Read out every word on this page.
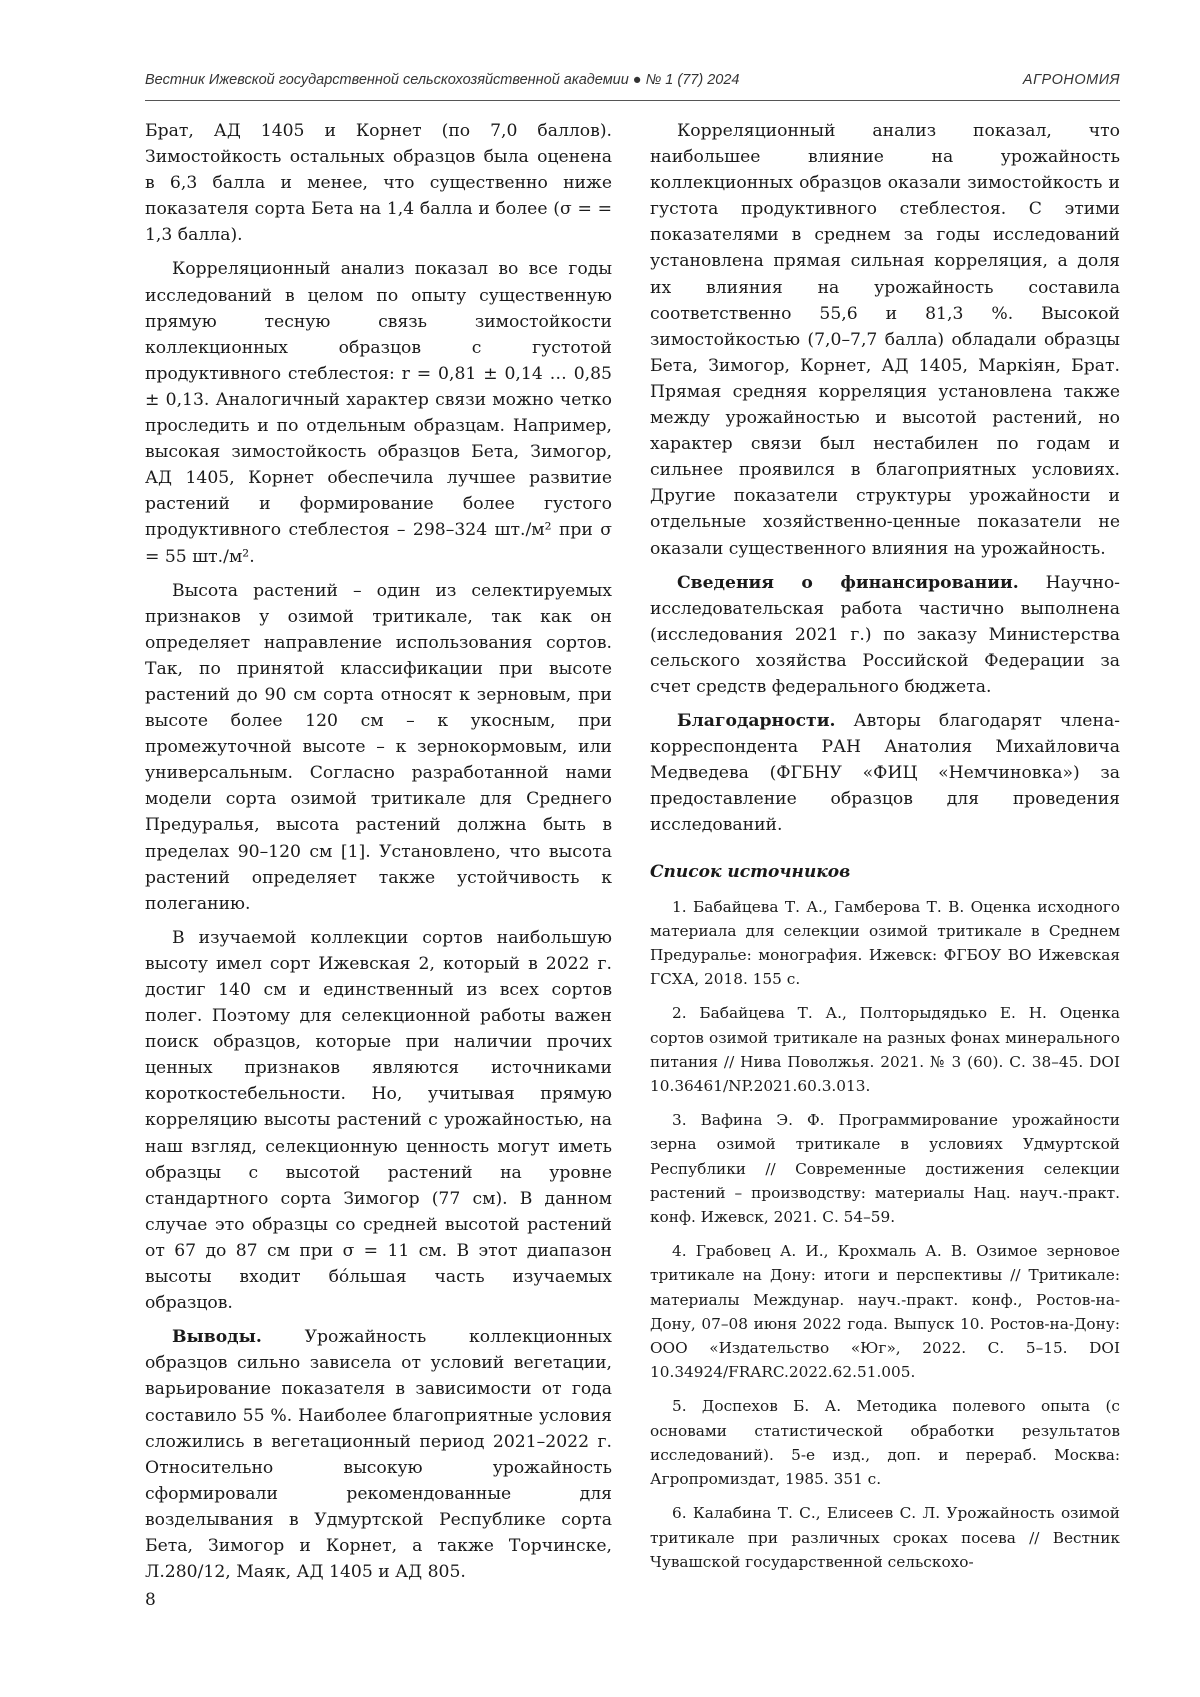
Вестник Ижевской государственной сельскохозяйственной академии ● № 1 (77) 2024	АГРОНОМИЯ

Брат, АД 1405 и Корнет (по 7,0 баллов). Зимостойкость остальных образцов была оценена в 6,3 балла и менее, что существенно ниже показателя сорта Бета на 1,4 балла и более (σ = = 1,3 балла).

Корреляционный анализ показал во все годы исследований в целом по опыту существенную прямую тесную связь зимостойкости коллекционных образцов с густотой продуктивного стеблестоя: r = 0,81 ± 0,14 … 0,85 ± 0,13. Аналогичный характер связи можно четко проследить и по отдельным образцам. Например, высокая зимостойкость образцов Бета, Зимогор, АД 1405, Корнет обеспечила лучшее развитие растений и формирование более густого продуктивного стеблестоя – 298–324 шт./м² при σ = 55 шт./м².

Высота растений – один из селектируемых признаков у озимой тритикале, так как он определяет направление использования сортов. Так, по принятой классификации при высоте растений до 90 см сорта относят к зерновым, при высоте более 120 см – к укосным, при промежуточной высоте – к зернокормовым, или универсальным. Согласно разработанной нами модели сорта озимой тритикале для Среднего Предуралья, высота растений должна быть в пределах 90–120 см [1]. Установлено, что высота растений определяет также устойчивость к полеганию.

В изучаемой коллекции сортов наибольшую высоту имел сорт Ижевская 2, который в 2022 г. достиг 140 см и единственный из всех сортов полег. Поэтому для селекционной работы важен поиск образцов, которые при наличии прочих ценных признаков являются источниками короткостебельности. Но, учитывая прямую корреляцию высоты растений с урожайностью, на наш взгляд, селекционную ценность могут иметь образцы с высотой растений на уровне стандартного сорта Зимогор (77 см). В данном случае это образцы со средней высотой растений от 67 до 87 см при σ = 11 см. В этот диапазон высоты входит бóльшая часть изучаемых образцов.

Выводы. Урожайность коллекционных образцов сильно зависела от условий вегетации, варьирование показателя в зависимости от года составило 55 %. Наиболее благоприятные условия сложились в вегетационный период 2021–2022 г. Относительно высокую урожайность сформировали рекомендованные для возделывания в Удмуртской Республике сорта Бета, Зимогор и Корнет, а также Торчинске, Л.280/12, Маяк, АД 1405 и АД 805.

Корреляционный анализ показал, что наибольшее влияние на урожайность коллекционных образцов оказали зимостойкость и густота продуктивного стеблестоя. С этими показателями в среднем за годы исследований установлена прямая сильная корреляция, а доля их влияния на урожайность составила соответственно 55,6 и 81,3 %. Высокой зимостойкостью (7,0–7,7 балла) обладали образцы Бета, Зимогор, Корнет, АД 1405, Маркіян, Брат. Прямая средняя корреляция установлена также между урожайностью и высотой растений, но характер связи был нестабилен по годам и сильнее проявился в благоприятных условиях. Другие показатели структуры урожайности и отдельные хозяйственно-ценные показатели не оказали существенного влияния на урожайность.

Сведения о финансировании. Научно-исследовательская работа частично выполнена (исследования 2021 г.) по заказу Министерства сельского хозяйства Российской Федерации за счет средств федерального бюджета.

Благодарности. Авторы благодарят члена-корреспондента РАН Анатолия Михайловича Медведева (ФГБНУ «ФИЦ «Немчиновка») за предоставление образцов для проведения исследований.

Список источников
1. Бабайцева Т. А., Гамберова Т. В. Оценка исходного материала для селекции озимой тритикале в Среднем Предуралье: монография. Ижевск: ФГБОУ ВО Ижевская ГСХА, 2018. 155 с.
2. Бабайцева Т. А., Полторыдядько Е. Н. Оценка сортов озимой тритикале на разных фонах минерального питания // Нива Поволжья. 2021. № 3 (60). С. 38–45. DOI 10.36461/NP.2021.60.3.013.
3. Вафина Э. Ф. Программирование урожайности зерна озимой тритикале в условиях Удмуртской Республики // Современные достижения селекции растений – производству: материалы Нац. науч.-практ. конф. Ижевск, 2021. С. 54–59.
4. Грабовец А. И., Крохмаль А. В. Озимое зерновое тритикале на Дону: итоги и перспективы // Тритикале: материалы Междунар. науч.-практ. конф., Ростов-на-Дону, 07–08 июня 2022 года. Выпуск 10. Ростов-на-Дону: ООО «Издательство «Юг», 2022. С. 5–15. DOI 10.34924/FRARC.2022.62.51.005.
5. Доспехов Б. А. Методика полевого опыта (с основами статистической обработки результатов исследований). 5-е изд., доп. и перераб. Москва: Агропромиздат, 1985. 351 с.
6. Калабина Т. С., Елисеев С. Л. Урожайность озимой тритикале при различных сроках посева // Вестник Чувашской государственной сельскохо-
8
